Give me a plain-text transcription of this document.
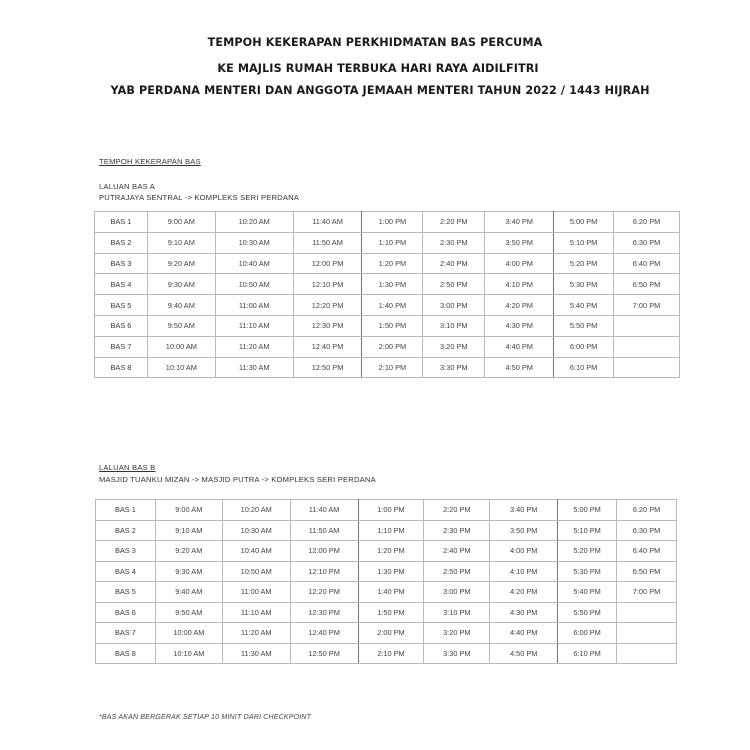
TEMPOH KEKERAPAN PERKHIDMATAN BAS PERCUMA
KE MAJLIS RUMAH TERBUKA HARI RAYA AIDILFITRI
YAB PERDANA MENTERI DAN ANGGOTA JEMAAH MENTERI TAHUN 2022 / 1443 HIJRAH
TEMPOH KEKERAPAN BAS
LALUAN BAS A
PUTRAJAYA SENTRAL -> KOMPLEKS SERI PERDANA
BAS 1	9:00 AM	10:20 AM	11:40 AM	1:00 PM	2:20 PM	3:40 PM	5:00 PM	6:20 PM
BAS 2	9:10 AM	10:30 AM	11:50 AM	1:10 PM	2:30 PM	3:50 PM	5:10 PM	6:30 PM
BAS 3	9:20 AM	10:40 AM	12:00 PM	1:20 PM	2:40 PM	4:00 PM	5:20 PM	6:40 PM
BAS 4	9:30 AM	10:50 AM	12:10 PM	1:30 PM	2:50 PM	4:10 PM	5:30 PM	6:50 PM
BAS 5	9:40 AM	11:00 AM	12:20 PM	1:40 PM	3:00 PM	4:20 PM	5:40 PM	7:00 PM
BAS 6	9:50 AM	11:10 AM	12:30 PM	1:50 PM	3:10 PM	4:30 PM	5:50 PM	
BAS 7	10:00 AM	11:20 AM	12:40 PM	2:00 PM	3:20 PM	4:40 PM	6:00 PM	
BAS 8	10:10 AM	11:30 AM	12:50 PM	2:10 PM	3:30 PM	4:50 PM	6:10 PM	
LALUAN BAS B
MASJID TUANKU MIZAN -> MASJID PUTRA -> KOMPLEKS SERI PERDANA
BAS 1	9:00 AM	10:20 AM	11:40 AM	1:00 PM	2:20 PM	3:40 PM	5:00 PM	6:20 PM
BAS 2	9:10 AM	10:30 AM	11:50 AM	1:10 PM	2:30 PM	3:50 PM	5:10 PM	6:30 PM
BAS 3	9:20 AM	10:40 AM	12:00 PM	1:20 PM	2:40 PM	4:00 PM	5:20 PM	6:40 PM
BAS 4	9:30 AM	10:50 AM	12:10 PM	1:30 PM	2:50 PM	4:10 PM	5:30 PM	6:50 PM
BAS 5	9:40 AM	11:00 AM	12:20 PM	1:40 PM	3:00 PM	4:20 PM	5:40 PM	7:00 PM
BAS 6	9:50 AM	11:10 AM	12:30 PM	1:50 PM	3:10 PM	4:30 PM	5:50 PM	
BAS 7	10:00 AM	11:20 AM	12:40 PM	2:00 PM	3:20 PM	4:40 PM	6:00 PM	
BAS 8	10:10 AM	11:30 AM	12:50 PM	2:10 PM	3:30 PM	4:50 PM	6:10 PM	
*BAS AKAN BERGERAK SETIAP 10 MINIT DARI CHECKPOINT
